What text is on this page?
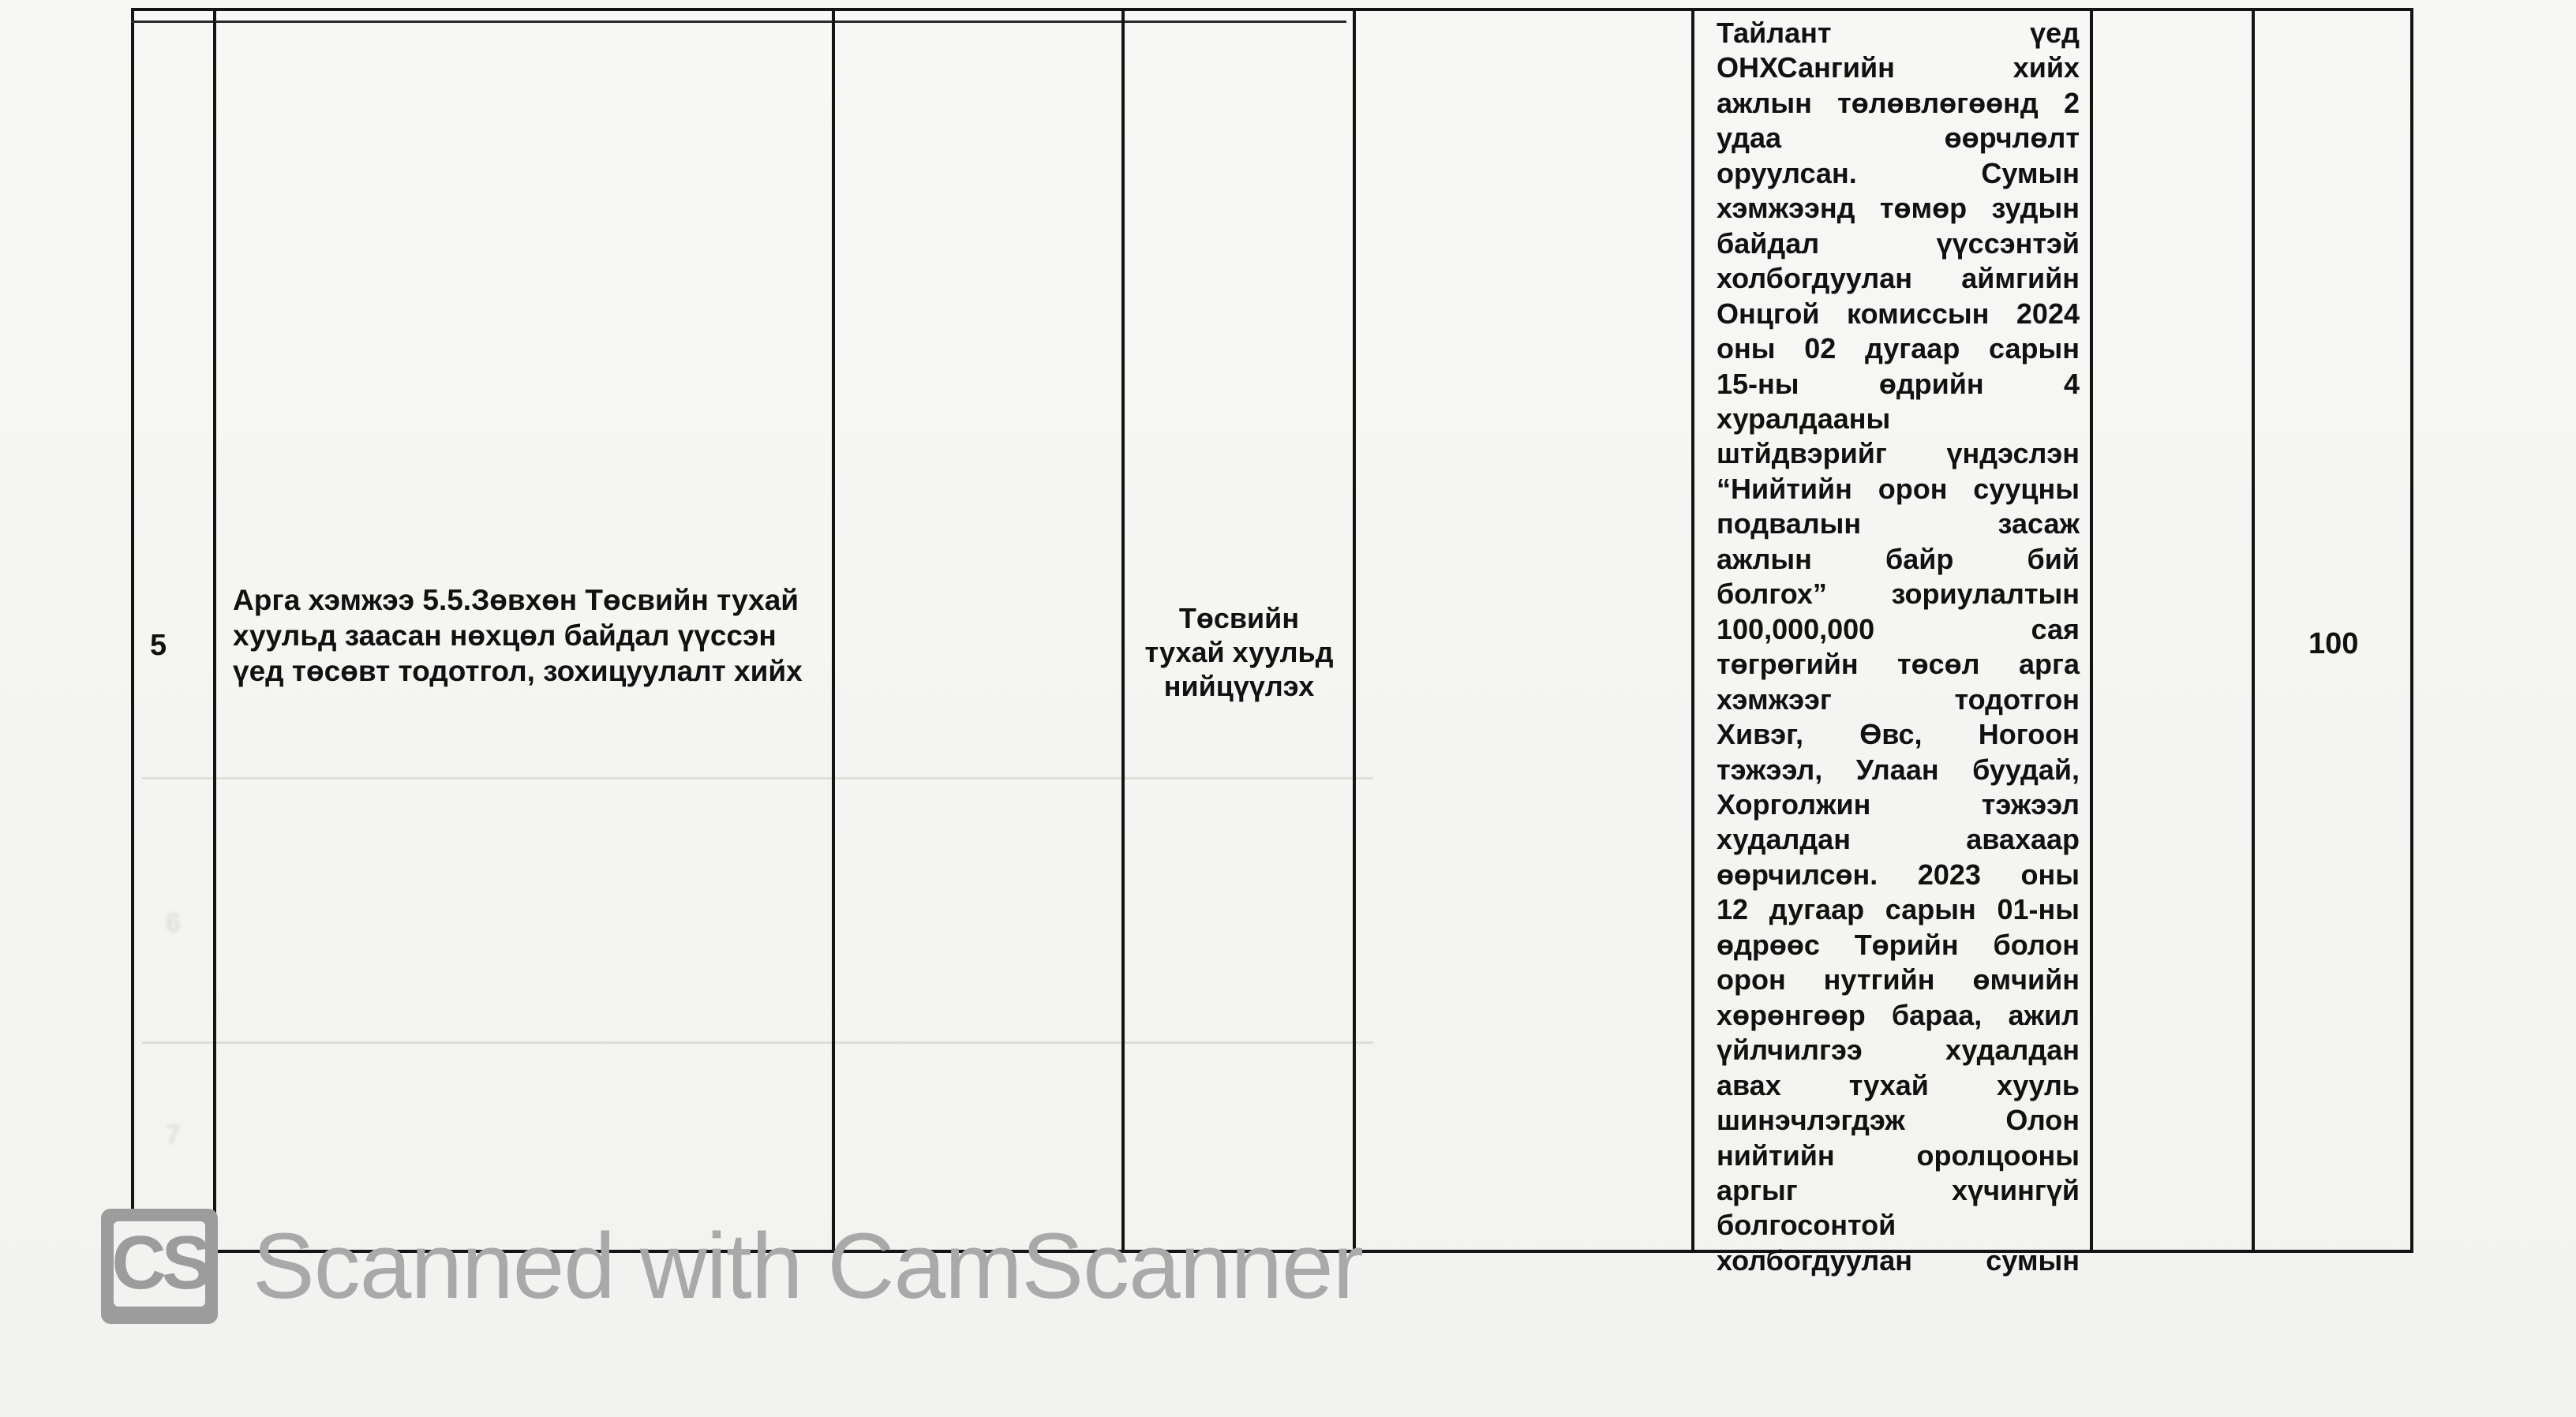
6
7
5
Арга хэмжээ 5.5.Зөвхөн Төсвийн тухай
хуульд заасан нөхцөл байдал үүссэн
үед төсөвт тодотгол, зохицуулалт хийх
Төсвийн
тухай хуульд
нийцүүлэх
Тайлант үед
ОНХСангийн хийх
ажлын төлөвлөгөөнд 2
удаа өөрчлөлт
оруулсан. Сумын
хэмжээнд төмөр зудын
байдал үүссэнтэй
холбогдуулан аймгийн
Онцгой комиссын 2024
оны 02 дугаар сарын
15-ны өдрийн 4
хуралдааны
штйдвэрийг үндэслэн
“Нийтийн орон сууцны
подвалын засаж
ажлын байр бий
болгох” зориулалтын
100,000,000 сая
төгрөгийн төсөл арга
хэмжээг тодотгон
Хивэг, Өвс, Ногоон
тэжээл, Улаан буудай,
Хорголжин тэжээл
худалдан авахаар
өөрчилсөн. 2023 оны
12 дугаар сарын 01-ны
өдрөөс Төрийн болон
орон нутгийн өмчийн
хөрөнгөөр бараа, ажил
үйлчилгээ худалдан
авах тухай хууль
шинэчлэгдэж Олон
нийтийн оролцооны
аргыг хүчингүй
болгосонтой
холбогдуулан сумын
100
CS Scanned with CamScanner
